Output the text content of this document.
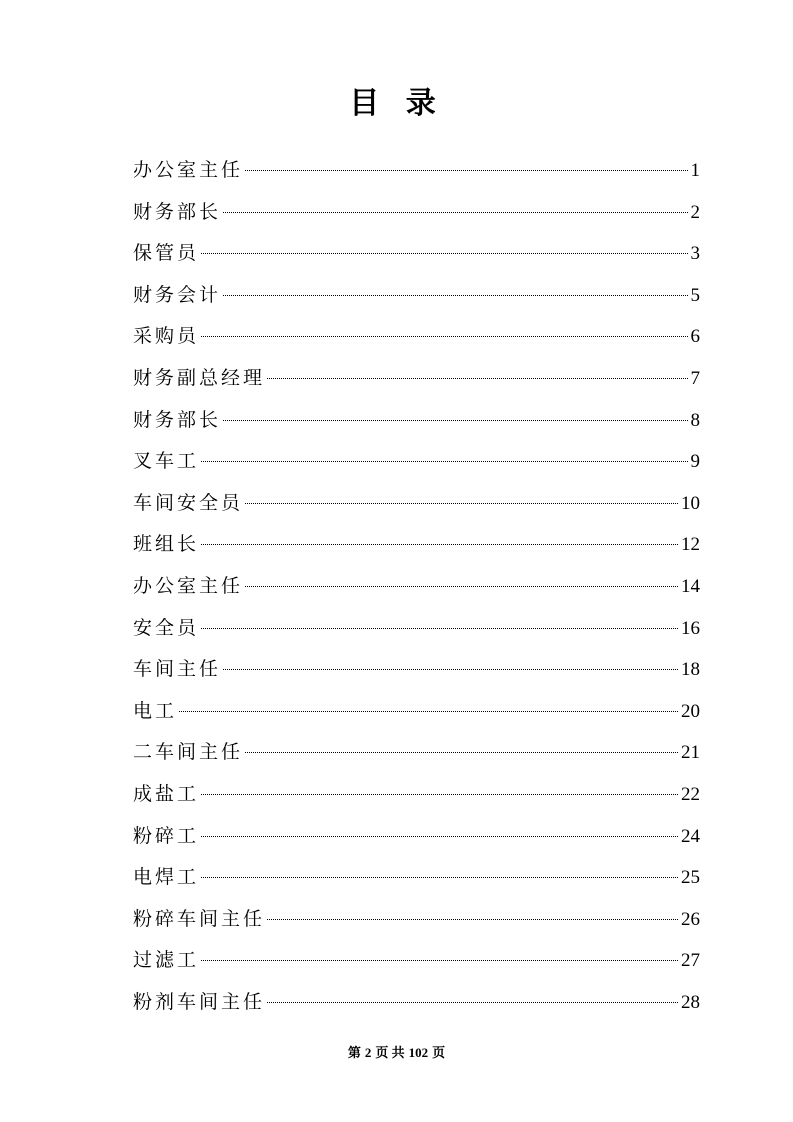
目 录
办公室主任	1
财务部长	2
保管员	3
财务会计	5
采购员	6
财务副总经理	7
财务部长	8
叉车工	9
车间安全员	10
班组长	12
办公室主任	14
安全员	16
车间主任	18
电工	20
二车间主任	21
成盐工	22
粉碎工	24
电焊工	25
粉碎车间主任	26
过滤工	27
粉剂车间主任	28
第 2 页 共 102 页
